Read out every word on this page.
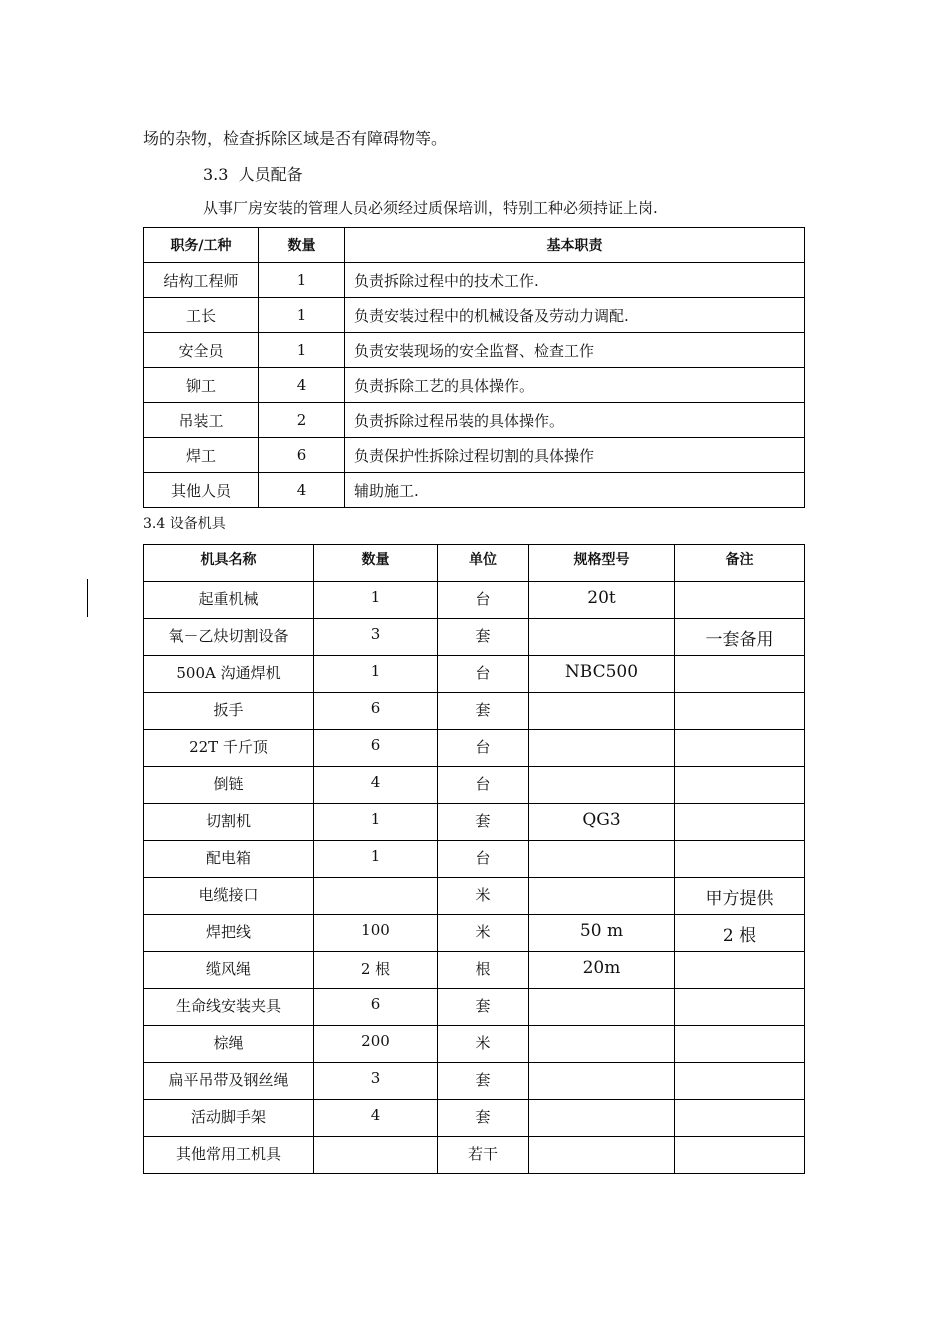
场的杂物，检查拆除区域是否有障碍物等。
3.3 人员配备
从事厂房安装的管理人员必须经过质保培训，特别工种必须持证上岗.
职务/工种	数量	基本职责
结构工程师	1	负责拆除过程中的技术工作.
工长	1	负责安装过程中的机械设备及劳动力调配.
安全员	1	负责安装现场的安全监督、检查工作
铆工	4	负责拆除工艺的具体操作。
吊装工	2	负责拆除过程吊装的具体操作。
焊工	6	负责保护性拆除过程切割的具体操作
其他人员	4	辅助施工.
3.4 设备机具
机具名称	数量	单位	规格型号	备注
起重机械	1	台	20t	
氧－乙炔切割设备	3	套		一套备用
500A 沟通焊机	1	台	NBC500	
扳手	6	套		
22T 千斤顶	6	台		
倒链	4	台		
切割机	1	套	QG3	
配电箱	1	台		
电缆接口		米		甲方提供
焊把线	100	米	50 m	2 根
缆风绳	2 根	根	20m	
生命线安装夹具	6	套		
棕绳	200	米		
扁平吊带及钢丝绳	3	套		
活动脚手架	4	套		
其他常用工机具		若干		
